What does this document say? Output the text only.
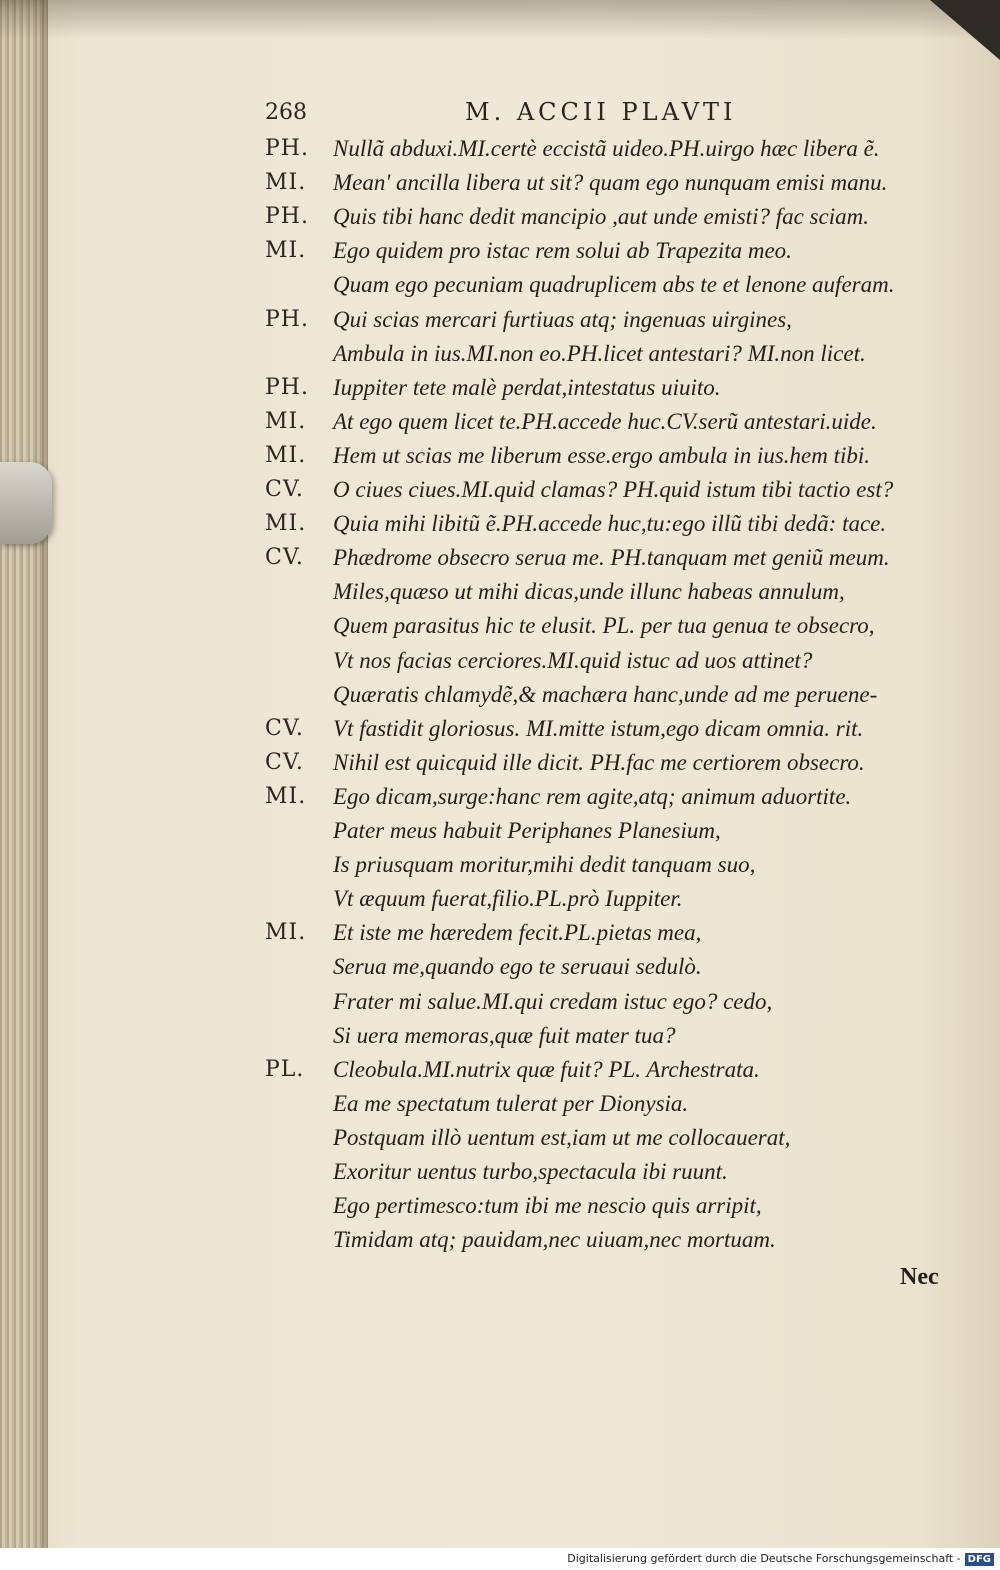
268	M. ACCII PLAVTI
PH.	Nullã abduxi.MI.certè eccistã uideo.PH.uirgo hæc libera ẽ.
MI.	Mean' ancilla libera ut sit? quam ego nunquam emisi manu.
PH.	Quis tibi hanc dedit mancipio ,aut unde emisti? fac sciam.
MI.	Ego quidem pro istac rem solui ab Trapezita meo.
Quam ego pecuniam quadruplicem abs te et lenone auferam.
PH.	Qui scias mercari furtiuas atq; ingenuas uirgines,
Ambula in ius.MI.non eo.PH.licet antestari? MI.non licet.
PH.	Iuppiter tete malè perdat,intestatus uiuito.
MI.	At ego quem licet te.PH.accede huc.CV.serũ antestari.uide.
MI.	Hem ut scias me liberum esse.ergo ambula in ius.hem tibi.
CV.	O ciues ciues.MI.quid clamas? PH.quid istum tibi tactio est?
MI.	Quia mihi libitũ ẽ.PH.accede huc,tu:ego illũ tibi dedã: tace.
CV.	Phædrome obsecro serua me. PH.tanquam met geniũ meum.
Miles,quæso ut mihi dicas,unde illunc habeas annulum,
Quem parasitus hic te elusit. PL. per tua genua te obsecro,
Vt nos facias cerciores.MI.quid istuc ad uos attinet?
Quæratis chlamydẽ,& machæra hanc,unde ad me peruene-
CV.	Vt fastidit gloriosus. MI.mitte istum,ego dicam omnia. rit.
CV.	Nihil est quicquid ille dicit. PH.fac me certiorem obsecro.
MI.	Ego dicam,surge:hanc rem agite,atq; animum aduortite.
Pater meus habuit Periphanes Planesium,
Is priusquam moritur,mihi dedit tanquam suo,
Vt æquum fuerat,filio.PL.prò Iuppiter.
MI.	Et iste me hæredem fecit.PL.pietas mea,
Serua me,quando ego te seruaui sedulò.
Frater mi salue.MI.qui credam istuc ego? cedo,
Si uera memoras,quæ fuit mater tua?
PL.	Cleobula.MI.nutrix quæ fuit? PL. Archestrata.
Ea me spectatum tulerat per Dionysia.
Postquam illò uentum est,iam ut me collocauerat,
Exoritur uentus turbo,spectacula ibi ruunt.
Ego pertimesco:tum ibi me nescio quis arripit,
Timidam atq; pauidam,nec uiuam,nec mortuam.
Nec
Digitalisierung gefördert durch die Deutsche Forschungsgemeinschaft - DFG
